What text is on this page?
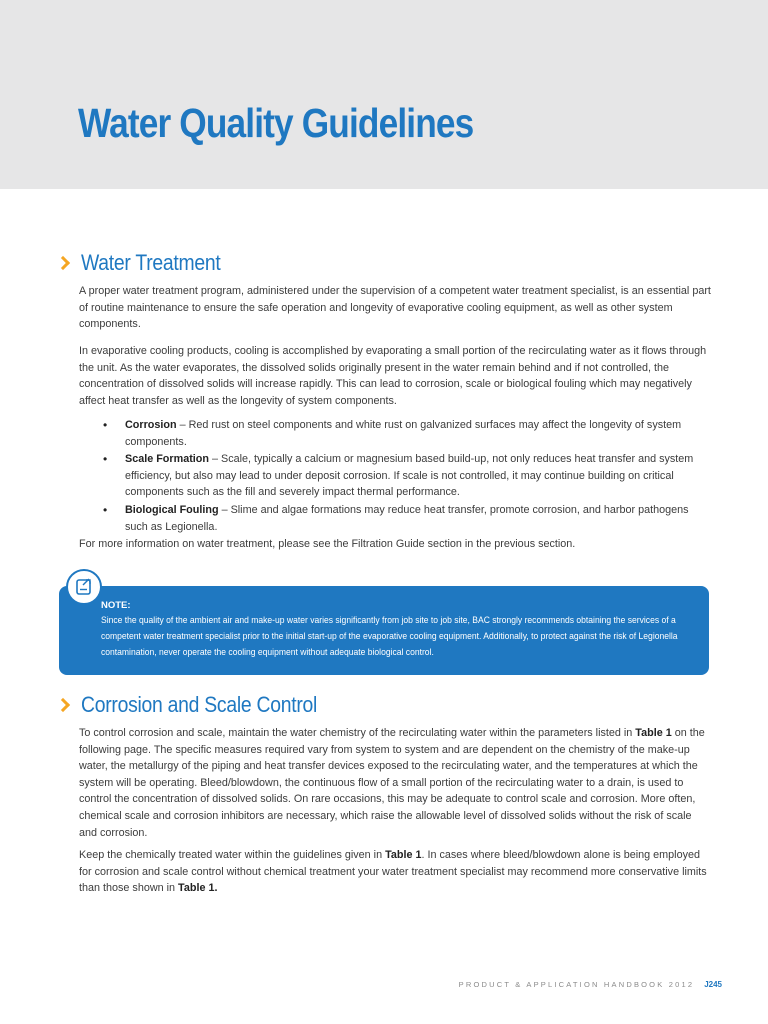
Water Quality Guidelines
Water Treatment

A proper water treatment program, administered under the supervision of a competent water treatment specialist, is an essential part of routine maintenance to ensure the safe operation and longevity of evaporative cooling equipment, as well as other system components.

In evaporative cooling products, cooling is accomplished by evaporating a small portion of the recirculating water as it flows through the unit. As the water evaporates, the dissolved solids originally present in the water remain behind and if not controlled, the concentration of dissolved solids will increase rapidly. This can lead to corrosion, scale or biological fouling which may negatively affect heat transfer as well as the longevity of system components.

• Corrosion – Red rust on steel components and white rust on galvanized surfaces may affect the longevity of system components.
• Scale Formation – Scale, typically a calcium or magnesium based build-up, not only reduces heat transfer and system efficiency, but also may lead to under deposit corrosion. If scale is not controlled, it may continue building on critical components such as the fill and severely impact thermal performance.
• Biological Fouling – Slime and algae formations may reduce heat transfer, promote corrosion, and harbor pathogens such as Legionella.

For more information on water treatment, please see the Filtration Guide section in the previous section.

NOTE:
Since the quality of the ambient air and make-up water varies significantly from job site to job site, BAC strongly recommends obtaining the services of a competent water treatment specialist prior to the initial start-up of the evaporative cooling equipment. Additionally, to protect against the risk of Legionella contamination, never operate the cooling equipment without adequate biological control.
Corrosion and Scale Control

To control corrosion and scale, maintain the water chemistry of the recirculating water within the parameters listed in Table 1 on the following page. The specific measures required vary from system to system and are dependent on the chemistry of the make-up water, the metallurgy of the piping and heat transfer devices exposed to the recirculating water, and the temperatures at which the system will be operating. Bleed/blowdown, the continuous flow of a small portion of the recirculating water to a drain, is used to control the concentration of dissolved solids. On rare occasions, this may be adequate to control scale and corrosion. More often, chemical scale and corrosion inhibitors are necessary, which raise the allowable level of dissolved solids without the risk of scale and corrosion.

Keep the chemically treated water within the guidelines given in Table 1. In cases where bleed/blowdown alone is being employed for corrosion and scale control without chemical treatment your water treatment specialist may recommend more conservative limits than those shown in Table 1.

PRODUCT & APPLICATION HANDBOOK 2012 J245
